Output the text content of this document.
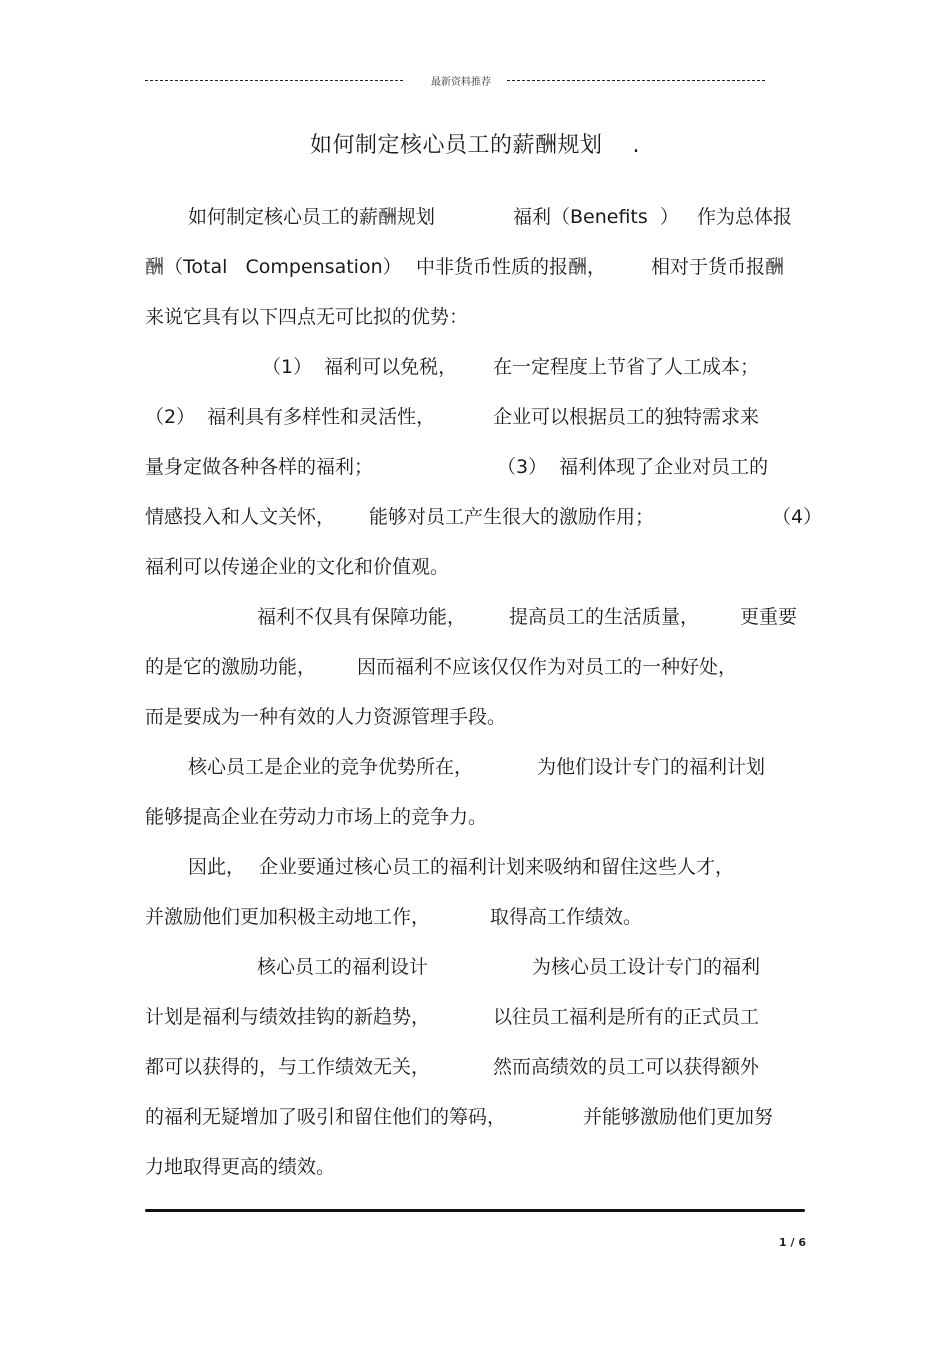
最新资料推荐
如何制定核心员工的薪酬规划    .

如何制定核心员工的薪酬规划

	福利（Benefits  ）

作为总体报

酬（Total   Compensation）

中非货币性质的报酬，

相对于货币报酬

来说它具有以下四点无可比拟的优势：

（1）  福利可以免税，

在一定程度上节省了人工成本；

（2）  福利具有多样性和灵活性，

	企业可以根据员工的独特需求来

量身定做各种各样的福利；

	（3）  福利体现了企业对员工的

情感投入和人文关怀，

能够对员工产生很大的激励作用；

	（4）

福利可以传递企业的文化和价值观。

福利不仅具有保障功能，

提高员工的生活质量，

更重要

的是它的激励功能，

因而福利不应该仅仅作为对员工的一种好处，

而是要成为一种有效的人力资源管理手段。

核心员工是企业的竞争优势所在，

	为他们设计专门的福利计划

能够提高企业在劳动力市场上的竞争力。

因此，

企业要通过核心员工的福利计划来吸纳和留住这些人才，

并激励他们更加积极主动地工作，

	取得高工作绩效。

核心员工的福利设计

	为核心员工设计专门的福利

计划是福利与绩效挂钩的新趋势，

	以往员工福利是所有的正式员工

都可以获得的，与工作绩效无关，

	然而高绩效的员工可以获得额外

的福利无疑增加了吸引和留住他们的筹码，

	并能够激励他们更加努

力地取得更高的绩效。

1 / 6
